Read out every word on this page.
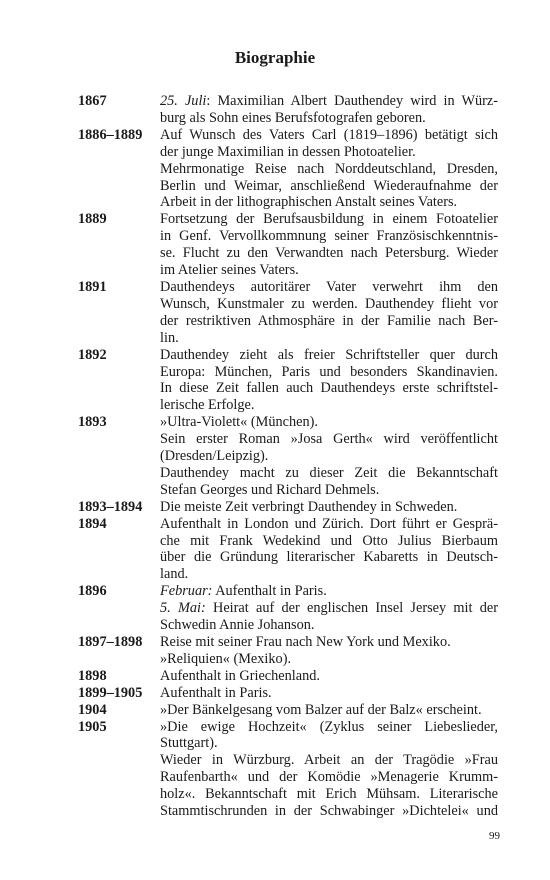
Biographie
1867	25. Juli: Maximilian Albert Dauthendey wird in Würz-
burg als Sohn eines Berufsfotografen geboren.
1886–1889	Auf Wunsch des Vaters Carl (1819–1896) betätigt sich
der junge Maximilian in dessen Photoatelier.
Mehrmonatige Reise nach Norddeutschland, Dresden,
Berlin und Weimar, anschließend Wiederaufnahme der
Arbeit in der lithographischen Anstalt seines Vaters.
1889	Fortsetzung der Berufsausbildung in einem Fotoatelier
in Genf. Vervollkommnung seiner Französischkenntnis-
se. Flucht zu den Verwandten nach Petersburg. Wieder
im Atelier seines Vaters.
1891	Dauthendeys autoritärer Vater verwehrt ihm den
Wunsch, Kunstmaler zu werden. Dauthendey flieht vor
der restriktiven Athmosphäre in der Familie nach Ber-
lin.
1892	Dauthendey zieht als freier Schriftsteller quer durch
Europa: München, Paris und besonders Skandinavien.
In diese Zeit fallen auch Dauthendeys erste schriftstel-
lerische Erfolge.
1893	»Ultra-Violett« (München).
Sein erster Roman »Josa Gerth« wird veröffentlicht
(Dresden/Leipzig).
Dauthendey macht zu dieser Zeit die Bekanntschaft
Stefan Georges und Richard Dehmels.
1893–1894	Die meiste Zeit verbringt Dauthendey in Schweden.
1894	Aufenthalt in London und Zürich. Dort führt er Gesprä-
che mit Frank Wedekind und Otto Julius Bierbaum
über die Gründung literarischer Kabaretts in Deutsch-
land.
1896	Februar: Aufenthalt in Paris.
5. Mai: Heirat auf der englischen Insel Jersey mit der
Schwedin Annie Johanson.
1897–1898	Reise mit seiner Frau nach New York und Mexiko.
»Reliquien« (Mexiko).
1898	Aufenthalt in Griechenland.
1899–1905	Aufenthalt in Paris.
1904	»Der Bänkelgesang vom Balzer auf der Balz« erscheint.
1905	»Die ewige Hochzeit« (Zyklus seiner Liebeslieder,
Stuttgart).
Wieder in Würzburg. Arbeit an der Tragödie »Frau
Raufenbarth« und der Komödie »Menagerie Krumm-
holz«. Bekanntschaft mit Erich Mühsam. Literarische
Stammtischrunden in der Schwabinger »Dichtelei« und
99
